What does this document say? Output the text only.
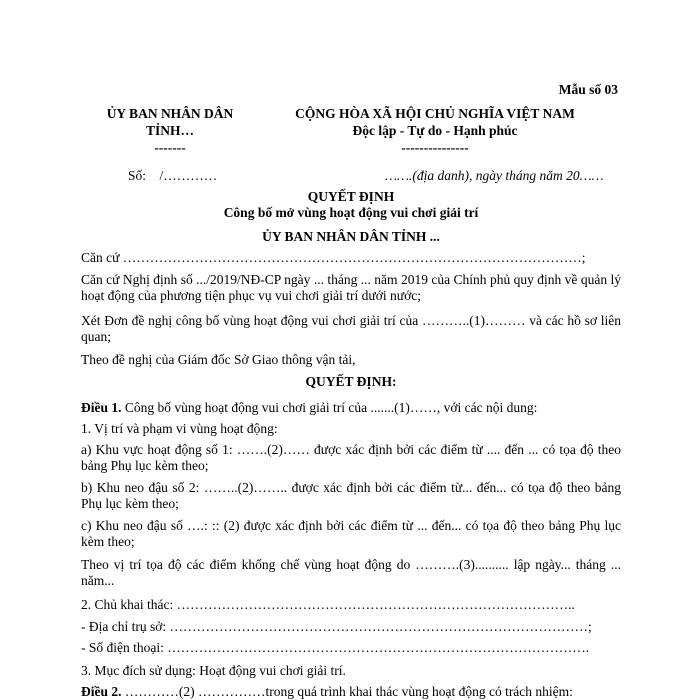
Mẫu số 03
ỦY BAN NHÂN DÂN
TỈNH…
-------
CỘNG HÒA XÃ HỘI CHỦ NGHĨA VIỆT NAM
Độc lập - Tự do - Hạnh phúc
---------------
Số:    /…………	…….(địa danh), ngày tháng năm 20……
QUYẾT ĐỊNH
Công bố mở vùng hoạt động vui chơi giải trí
ỦY BAN NHÂN DÂN TỈNH ...
Căn cứ …………………………………………………………………………………………;
Căn cứ Nghị định số .../2019/NĐ-CP ngày ... tháng ... năm 2019 của Chính phủ quy định về quản lý hoạt động của phương tiện phục vụ vui chơi giải trí dưới nước;
Xét Đơn đề nghị công bố vùng hoạt động vui chơi giải trí của ………..(1)……… và các hồ sơ liên quan;
Theo đề nghị của Giám đốc Sở Giao thông vận tải,
QUYẾT ĐỊNH:
Điều 1. Công bố vùng hoạt động vui chơi giải trí của .......(1)……, với các nội dung:
1. Vị trí và phạm vi vùng hoạt động:
a) Khu vực hoạt động số 1: …….(2)…… được xác định bởi các điểm từ .... đến ... có tọa độ theo bảng Phụ lục kèm theo;
b) Khu neo đậu số 2: ……..(2)…….. được xác định bởi các điểm từ... đến... có tọa độ theo bảng Phụ lục kèm theo;
c) Khu neo đậu số ….: :: (2) được xác định bởi các điểm từ ... đến... có tọa độ theo bảng Phụ lục kèm theo;
Theo vị trí tọa độ các điểm khống chế vùng hoạt động do ……….(3).......... lập ngày... tháng ... năm...
2. Chủ khai thác: ……………………………………………………………………………..
- Địa chỉ trụ sở: …………………………………………………………………………………;
- Số điện thoại: ………………………………………………………………………………….
3. Mục đích sử dụng: Hoạt động vui chơi giải trí.
Điều 2. …………(2) ……………trong quá trình khai thác vùng hoạt động có trách nhiệm:
